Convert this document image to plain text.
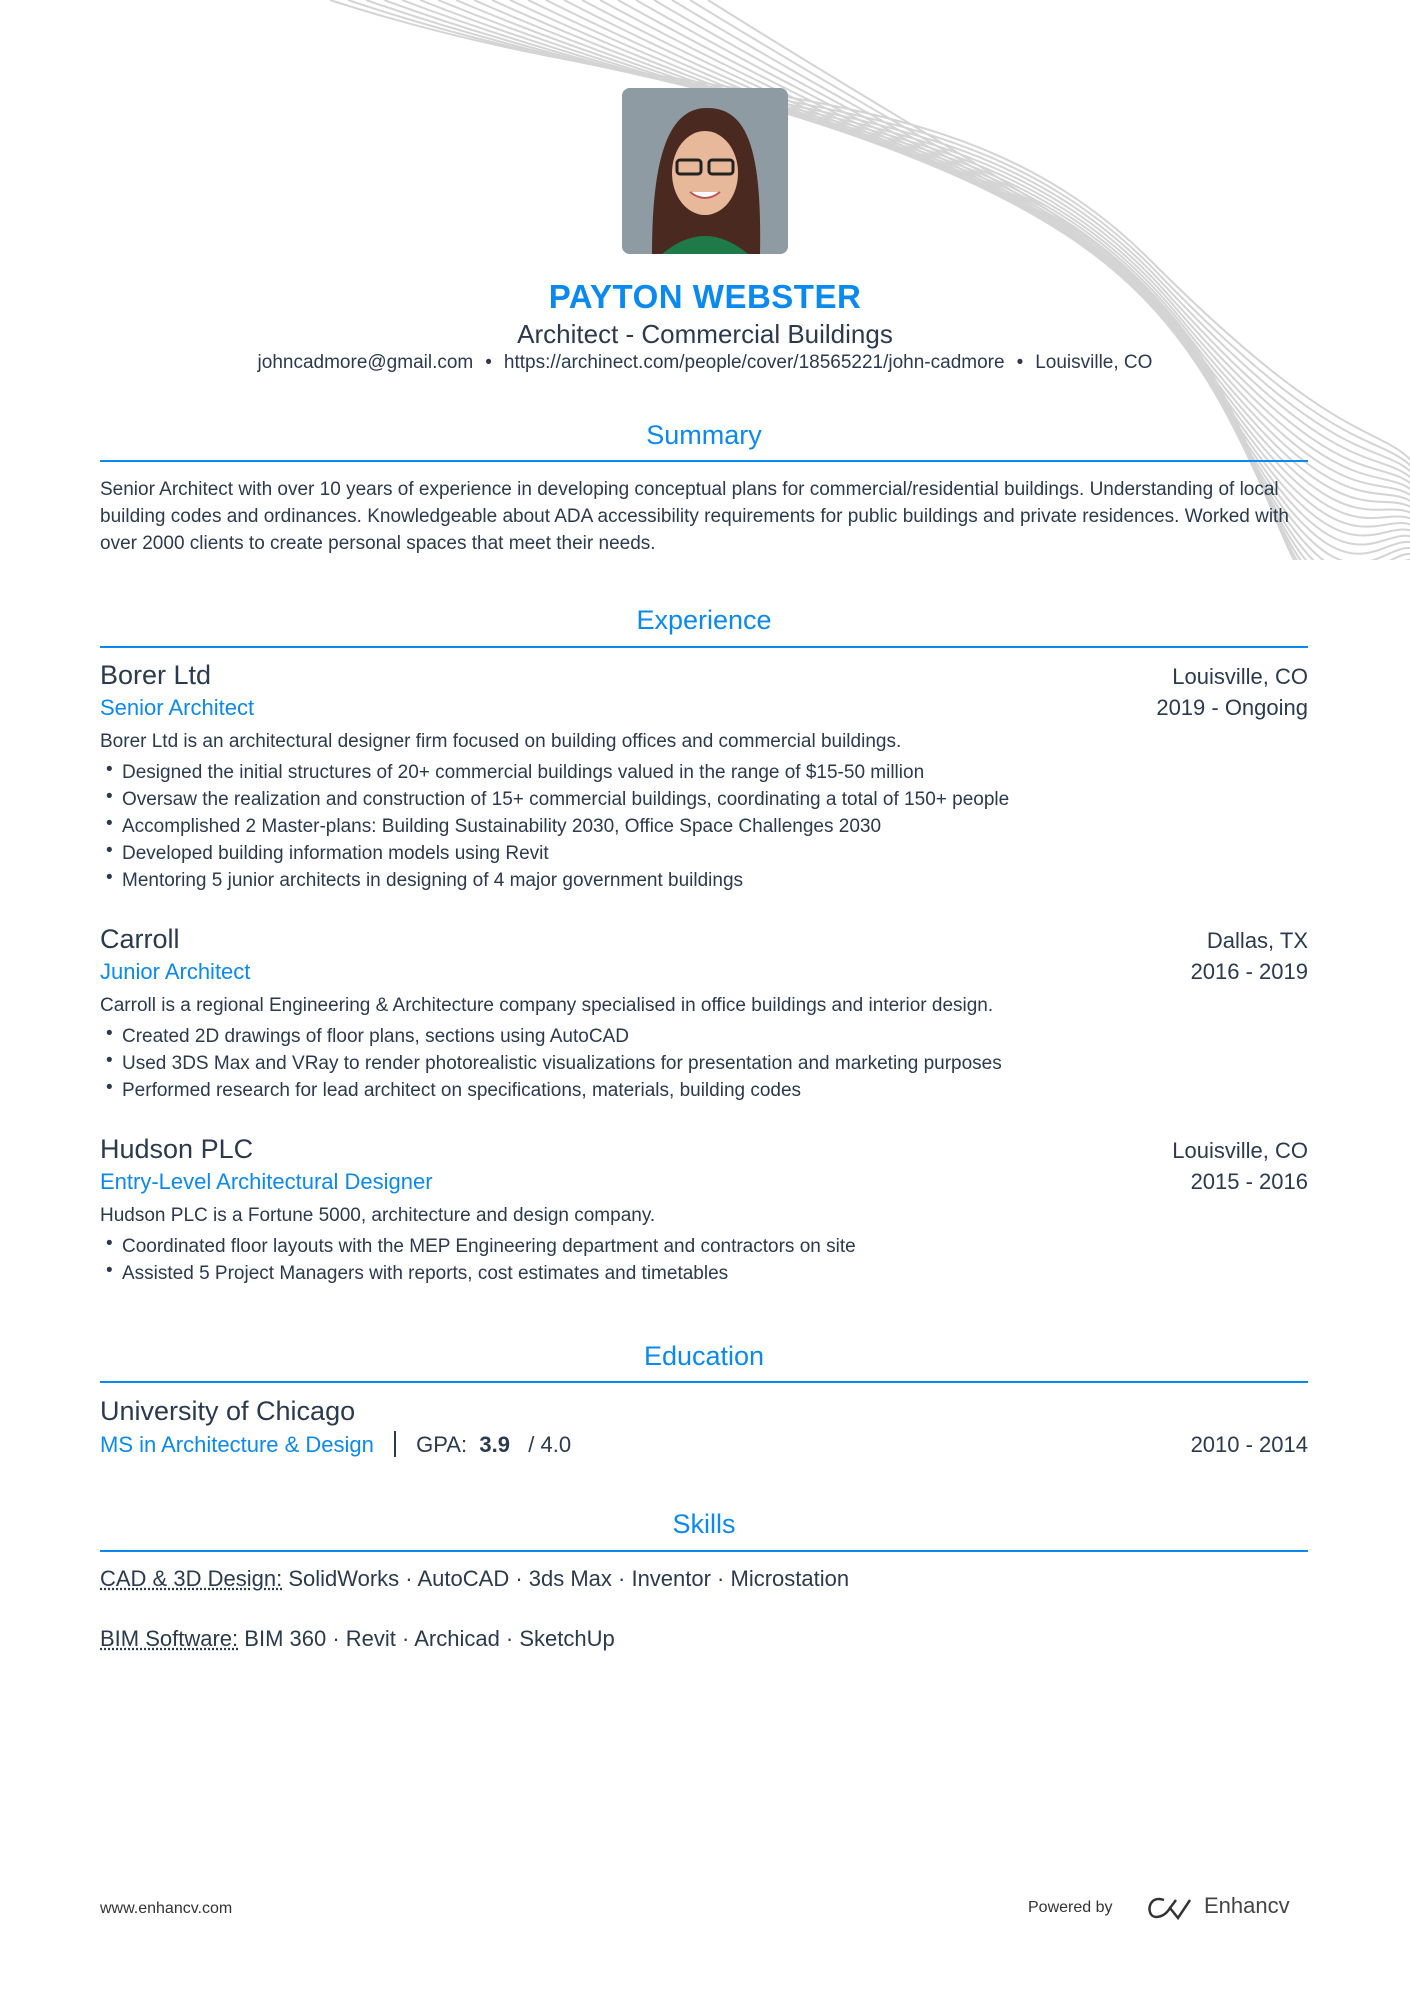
PAYTON WEBSTER
Architect - Commercial Buildings
johncadmore@gmail.com • https://archinect.com/people/cover/18565221/john-cadmore • Louisville, CO
Summary
Senior Architect with over 10 years of experience in developing conceptual plans for commercial/residential buildings. Understanding of local building codes and ordinances. Knowledgeable about ADA accessibility requirements for public buildings and private residences. Worked with over 2000 clients to create personal spaces that meet their needs.
Experience
Borer Ltd	Louisville, CO
Senior Architect	2019 - Ongoing
Borer Ltd is an architectural designer firm focused on building offices and commercial buildings.
• Designed the initial structures of 20+ commercial buildings valued in the range of $15-50 million
• Oversaw the realization and construction of 15+ commercial buildings, coordinating a total of 150+ people
• Accomplished 2 Master-plans: Building Sustainability 2030, Office Space Challenges 2030
• Developed building information models using Revit
• Mentoring 5 junior architects in designing of 4 major government buildings
Carroll	Dallas, TX
Junior Architect	2016 - 2019
Carroll is a regional Engineering & Architecture company specialised in office buildings and interior design.
• Created 2D drawings of floor plans, sections using AutoCAD
• Used 3DS Max and VRay to render photorealistic visualizations for presentation and marketing purposes
• Performed research for lead architect on specifications, materials, building codes
Hudson PLC	Louisville, CO
Entry-Level Architectural Designer	2015 - 2016
Hudson PLC is a Fortune 5000, architecture and design company.
• Coordinated floor layouts with the MEP Engineering department and contractors on site
• Assisted 5 Project Managers with reports, cost estimates and timetables
Education
University of Chicago
MS in Architecture & Design GPA: 3.9 / 4.0	2010 - 2014
Skills
CAD & 3D Design: SolidWorks · AutoCAD · 3ds Max · Inventor · Microstation
BIM Software: BIM 360 · Revit · Archicad · SketchUp
www.enhancv.com	Powered by	Enhancv
